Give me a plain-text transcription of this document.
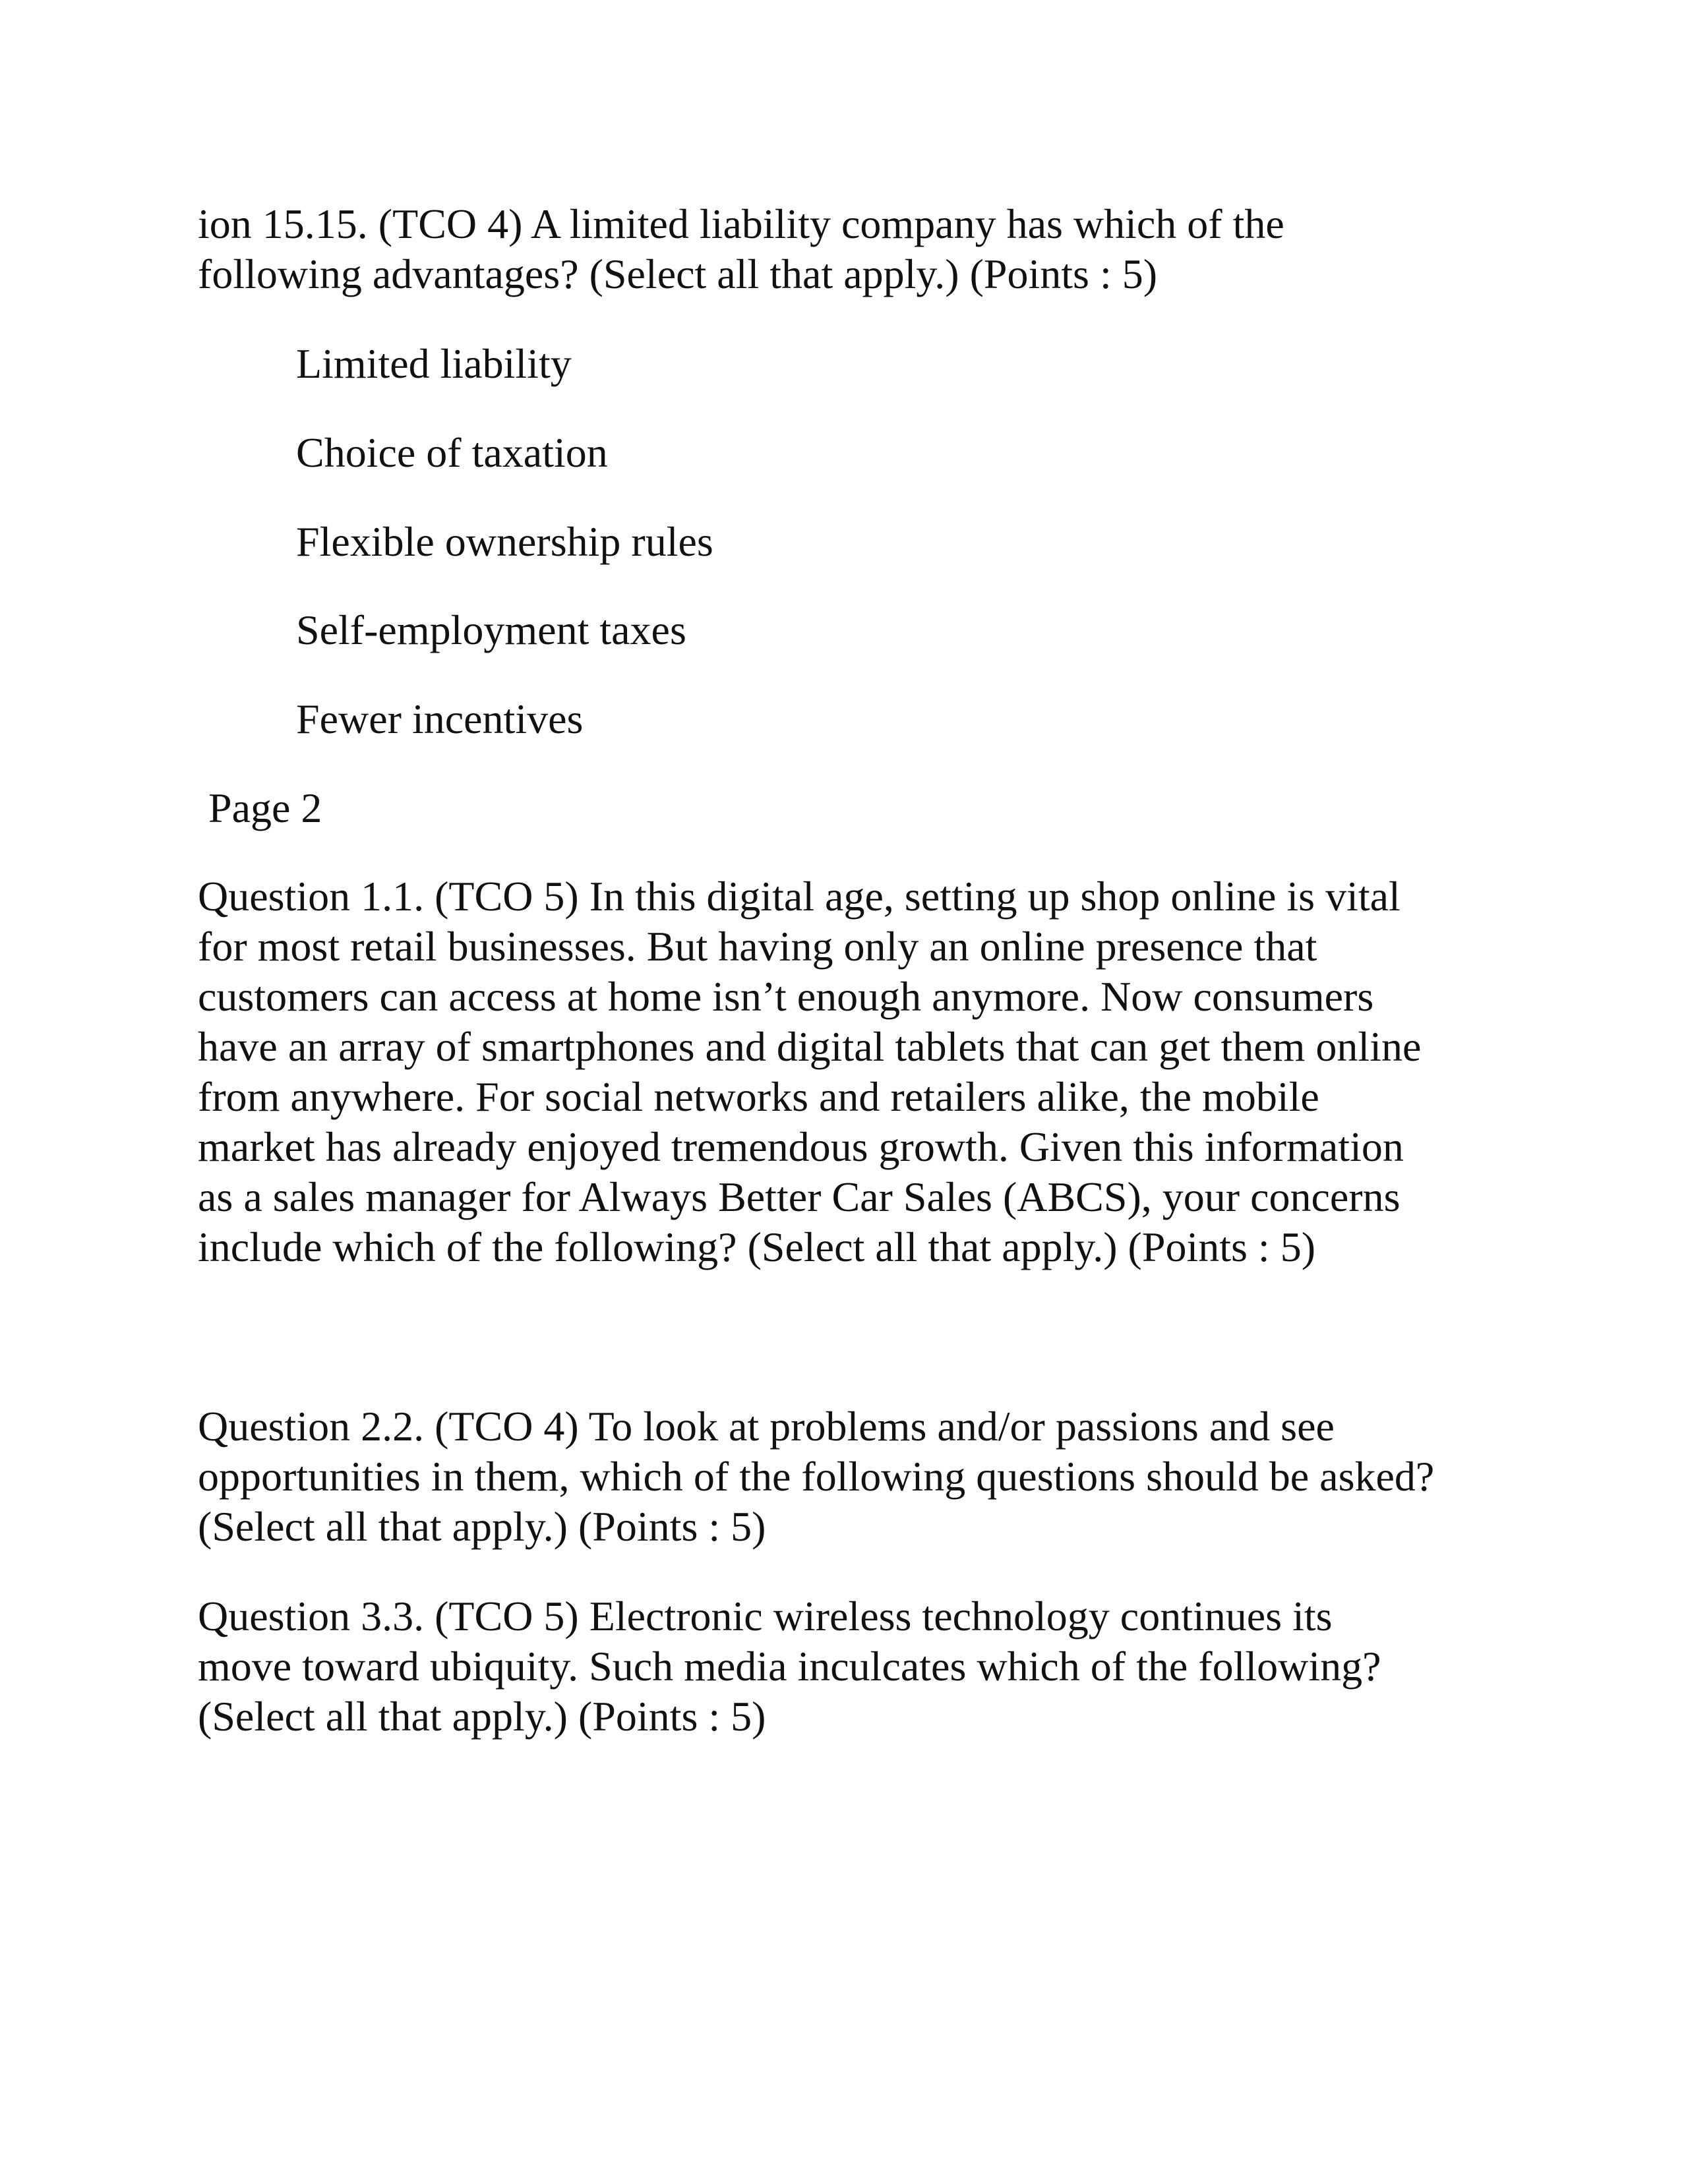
ion 15.15. (TCO 4) A limited liability company has which of the
following advantages? (Select all that apply.) (Points : 5)

Limited liability
Choice of taxation
Flexible ownership rules
Self-employment taxes
Fewer incentives
Page 2

Question 1.1. (TCO 5) In this digital age, setting up shop online is vital
for most retail businesses. But having only an online presence that
customers can access at home isn’t enough anymore. Now consumers
have an array of smartphones and digital tablets that can get them online
from anywhere. For social networks and retailers alike, the mobile
market has already enjoyed tremendous growth. Given this information
as a sales manager for Always Better Car Sales (ABCS), your concerns
include which of the following? (Select all that apply.) (Points : 5)

Question 2.2. (TCO 4) To look at problems and/or passions and see
opportunities in them, which of the following questions should be asked?
(Select all that apply.) (Points : 5)

Question 3.3. (TCO 5) Electronic wireless technology continues its
move toward ubiquity. Such media inculcates which of the following?
(Select all that apply.) (Points : 5)
